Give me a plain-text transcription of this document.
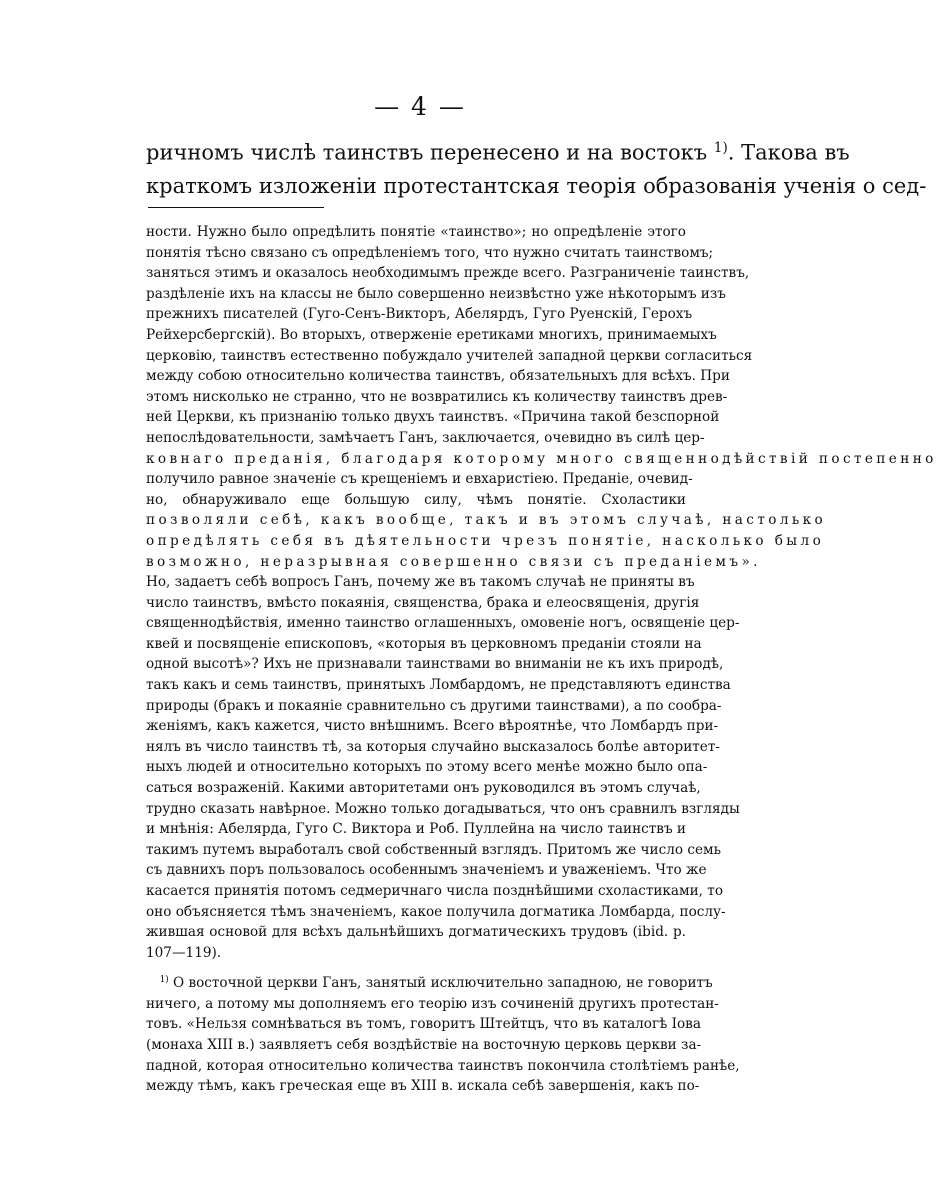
— 4 —
ричномъ числѣ таинствъ перенесено и на востокъ $^{1)}$. Такова въ
краткомъ изложеніи протестантская теорія образованія ученія о сед-
ности. Нужно было опредѣлить понятіе «таинство»; но опредѣленіе этого
понятія тѣсно связано съ опредѣленіемъ того, что нужно считать таинствомъ;
заняться этимъ и оказалось необходимымъ прежде всего. Разграниченіе таинствъ,
раздѣленіе ихъ на классы не было совершенно неизвѣстно уже нѣкоторымъ изъ
прежнихъ писателей (Гуго-Сенъ-Викторъ, Абелярдъ, Гуго Руенскій, Герохъ
Рейхерсбергскій). Во вторыхъ, отверженіе еретиками многихъ, принимаемыхъ
церковію, таинствъ естественно побуждало учителей западной церкви согласиться
между собою относительно количества таинствъ, обязательныхъ для всѣхъ. При
этомъ нисколько не странно, что не возвратились къ количеству таинствъ древ-
ней Церкви, къ признанію только двухъ таинствъ. «Причина такой безспорной
непослѣдовательности, замѣчаетъ Ганъ, заключается, очевидно въ силѣ цер-
ковнаго преданія, благодаря которому много священнодѣйствій постепенно
получило равное значеніе съ крещеніемъ и евхаристіею. Преданіе, очевид-
но, обнаруживало еще большую силу, чѣмъ понятіе. Схоластики
позволяли себѣ, какъ вообще, такъ и въ этомъ случаѣ, настолько
опредѣлять себя въ дѣятельности чрезъ понятіе, насколько было
возможно, неразрывная совершенно связи съ преданіемъ».
Но, задаетъ себѣ вопросъ Ганъ, почему же въ такомъ случаѣ не приняты въ
число таинствъ, вмѣсто покаянія, священства, брака и елеосвященія, другія
священнодѣйствія, именно таинство оглашенныхъ, омовеніе ногъ, освященіе цер-
квей и посвященіе епископовъ, «которыя въ церковномъ преданіи стояли на
одной высотѣ»? Ихъ не признавали таинствами во вниманіи не къ ихъ природѣ,
такъ какъ и семь таинствъ, принятыхъ Ломбардомъ, не представляютъ единства
природы (бракъ и покаяніе сравнительно съ другими таинствами), а по сообра-
женіямъ, какъ кажется, чисто внѣшнимъ. Всего вѣроятнѣе, что Ломбардъ при-
нялъ въ число таинствъ тѣ, за которыя случайно высказалось болѣе авторитет-
ныхъ людей и относительно которыхъ по этому всего менѣе можно было опа-
саться возраженій. Какими авторитетами онъ руководился въ этомъ случаѣ,
трудно сказать навѣрное. Можно только догадываться, что онъ сравнилъ взгляды
и мнѣнія: Абелярда, Гуго С. Виктора и Роб. Пуллейна на число таинствъ и
такимъ путемъ выработалъ свой собственный взглядъ. Притомъ же число семь
съ давнихъ поръ пользовалось особеннымъ значеніемъ и уваженіемъ. Что же
касается принятія потомъ седмеричнаго числа позднѣйшими схоластиками, то
оно объясняется тѣмъ значеніемъ, какое получила догматика Ломбарда, послу-
жившая основой для всѣхъ дальнѣйшихъ догматическихъ трудовъ (ibid. p.
107—119).
 $^{1)}$ О восточной церкви Ганъ, занятый исключительно западною, не говоритъ
ничего, а потому мы дополняемъ его теорію изъ сочиненій другихъ протестан-
товъ. «Нельзя сомнѣваться въ томъ, говоритъ Штейтцъ, что въ каталогѣ Іова
(монаха XIII в.) заявляетъ себя воздѣйствіе на восточную церковь церкви за-
падной, которая относительно количества таинствъ покончила столѣтіемъ ранѣе,
между тѣмъ, какъ греческая еще въ XIII в. искала себѣ завершенія, какъ по-
